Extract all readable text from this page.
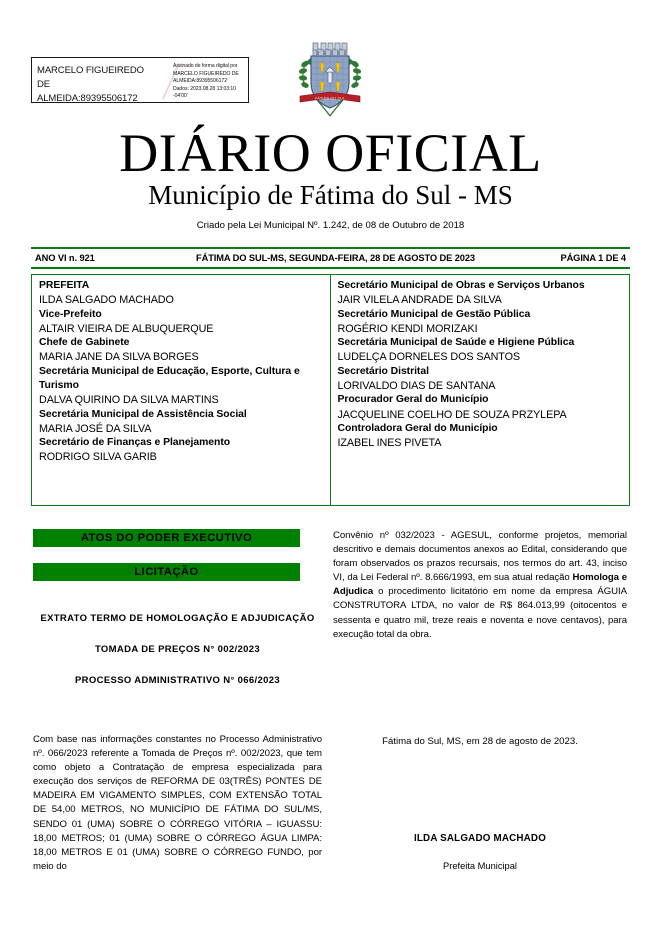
MARCELO FIGUEIREDO DE
ALMEIDA:89395506172
Assinado de forma digital por
MARCELO FIGUEIREDO DE
ALMEIDA:89395506172
Dados: 2023.08.28 13:03:10 -04'00'	FÁTIMA DO SUL
DIÁRIO OFICIAL
Município de Fátima do Sul - MS
Criado pela Lei Municipal Nº. 1.242, de 08 de Outubro de 2018
ANO VI n. 921	FÁTIMA DO SUL-MS, SEGUNDA-FEIRA, 28 DE AGOSTO DE 2023	PÁGINA 1 DE 4
PREFEITA
ILDA SALGADO MACHADO
Vice-Prefeito
ALTAIR VIEIRA DE ALBUQUERQUE
Chefe de Gabinete
MARIA JANE DA SILVA BORGES
Secretária Municipal de Educação, Esporte, Cultura e Turismo
DALVA QUIRINO DA SILVA MARTINS
Secretária Municipal de Assistência Social
MARIA JOSÉ DA SILVA
Secretário de Finanças e Planejamento
RODRIGO SILVA GARIB
Secretário Municipal de Obras e Serviços Urbanos
JAIR VILELA ANDRADE DA SILVA
Secretário Municipal de Gestão Pública
ROGÉRIO KENDI MORIZAKI
Secretária Municipal de Saúde e Higiene Pública
LUDELÇA DORNELES DOS SANTOS
Secretário Distrital
LORIVALDO DIAS DE SANTANA
Procurador Geral do Município
JACQUELINE COELHO DE SOUZA PRZYLEPA
Controladora Geral do Município
IZABEL INES PIVETA
ATOS DO PODER EXECUTIVO
LICITAÇÃO
EXTRATO TERMO DE HOMOLOGAÇÃO E ADJUDICAÇÃO
TOMADA DE PREÇOS N° 002/2023
PROCESSO ADMINISTRATIVO N° 066/2023
Com base nas informações constantes no Processo Administrativo nº. 066/2023 referente a Tomada de Preços nº. 002/2023, que tem como objeto a Contratação de empresa especializada para execução dos serviços de REFORMA DE 03(TRÊS) PONTES DE MADEIRA EM VIGAMENTO SIMPLES, COM EXTENSÃO TOTAL DE 54,00 METROS, NO MUNICÍPIO DE FÁTIMA DO SUL/MS, SENDO 01 (UMA) SOBRE O CÓRREGO VITÓRIA – IGUASSU: 18,00 METROS; 01 (UMA) SOBRE O CÓRREGO ÁGUA LIMPA: 18,00 METROS E 01 (UMA) SOBRE O CÓRREGO FUNDO, por meio do
Convênio nº 032/2023 - AGESUL, conforme projetos, memorial descritivo e demais documentos anexos ao Edital, considerando que foram observados os prazos recursais, nos termos do art. 43, inciso VI, da Lei Federal nº. 8.666/1993, em sua atual redação Homologa e Adjudica o procedimento licitatório em nome da empresa ÁGUIA CONSTRUTORA LTDA, no valor de R$ 864.013,99 (oitocentos e sessenta e quatro mil, treze reais e noventa e nove centavos), para execução total da obra.
Fátima do Sul, MS, em 28 de agosto de 2023.
ILDA SALGADO MACHADO
Prefeita Municipal
